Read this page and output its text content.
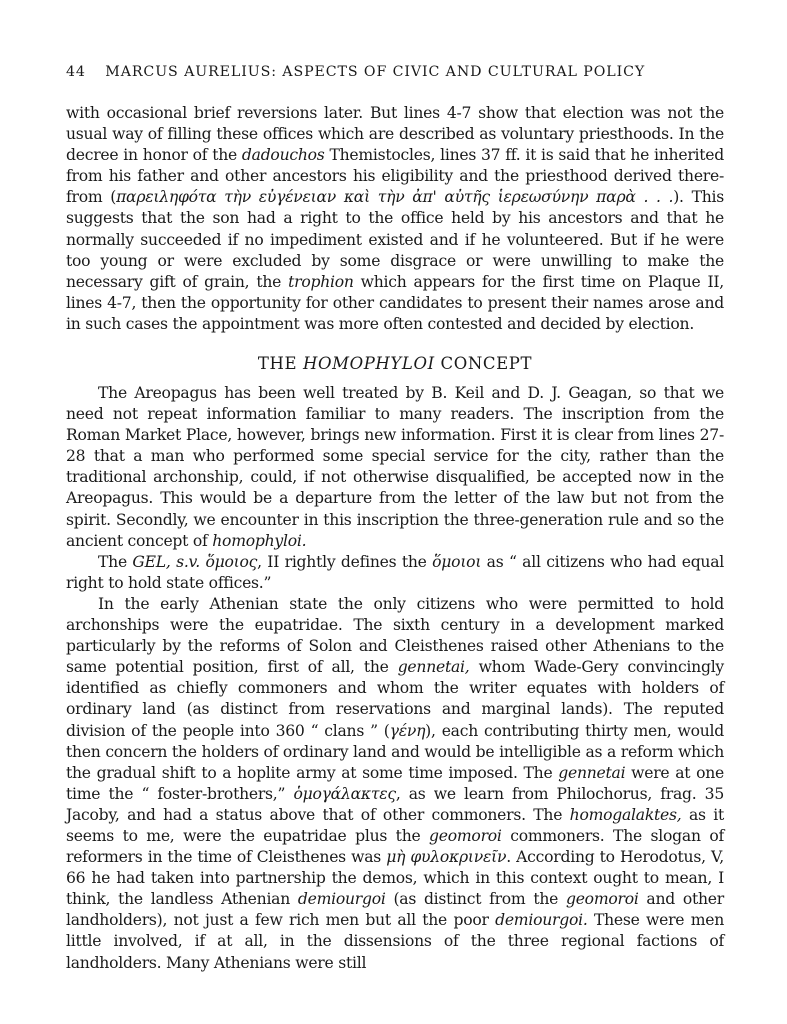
44 MARCUS AURELIUS: ASPECTS OF CIVIC AND CULTURAL POLICY

with occasional brief reversions later. But lines 4-7 show that election was not the usual way of filling these offices which are described as voluntary priesthoods. In the decree in honor of the dadouchos Themistocles, lines 37 ff. it is said that he inherited from his father and other ancestors his eligibility and the priesthood derived there-from (παρειληφότα τὴν εὐγένειαν καὶ τὴν ἀπ' αὐτῆς ἱερεωσύνην παρὰ . . .). This suggests that the son had a right to the office held by his ancestors and that he normally succeeded if no impediment existed and if he volunteered. But if he were too young or were excluded by some disgrace or were unwilling to make the necessary gift of grain, the trophion which appears for the first time on Plaque II, lines 4-7, then the opportunity for other candidates to present their names arose and in such cases the appointment was more often contested and decided by election.

THE HOMOPHYLOI CONCEPT

The Areopagus has been well treated by B. Keil and D. J. Geagan, so that we need not repeat information familiar to many readers. The inscription from the Roman Market Place, however, brings new information. First it is clear from lines 27-28 that a man who performed some special service for the city, rather than the traditional archonship, could, if not otherwise disqualified, be accepted now in the Areopagus. This would be a departure from the letter of the law but not from the spirit. Secondly, we encounter in this inscription the three-generation rule and so the ancient concept of homophyloi.

The GEL, s.v. ὅμοιος, II rightly defines the ὅμοιοι as “ all citizens who had equal right to hold state offices.”

In the early Athenian state the only citizens who were permitted to hold archonships were the eupatridae. The sixth century in a development marked particularly by the reforms of Solon and Cleisthenes raised other Athenians to the same potential position, first of all, the gennetai, whom Wade-Gery convincingly identified as chiefly commoners and whom the writer equates with holders of ordinary land (as distinct from reservations and marginal lands). The reputed division of the people into 360 “ clans ” (γένη), each contributing thirty men, would then concern the holders of ordinary land and would be intelligible as a reform which the gradual shift to a hoplite army at some time imposed. The gennetai were at one time the “ foster-brothers,” ὁμογάλακτες, as we learn from Philochorus, frag. 35 Jacoby, and had a status above that of other commoners. The homogalaktes, as it seems to me, were the eupatridae plus the geomoroi commoners. The slogan of reformers in the time of Cleisthenes was μὴ φυλοκρινεῖν. According to Herodotus, V, 66 he had taken into partnership the demos, which in this context ought to mean, I think, the landless Athenian demiourgoi (as distinct from the geomoroi and other landholders), not just a few rich men but all the poor demiourgoi. These were men little involved, if at all, in the dissensions of the three regional factions of landholders. Many Athenians were still
